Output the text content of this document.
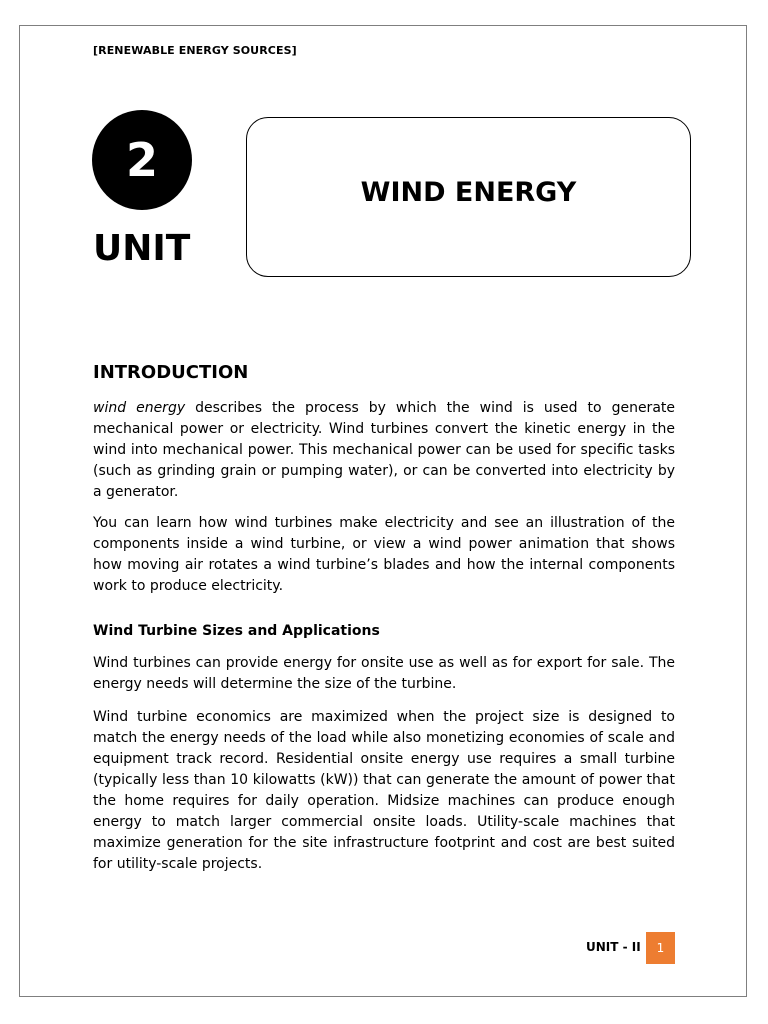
[RENEWABLE ENERGY SOURCES]
2
UNIT
WIND ENERGY
INTRODUCTION

wind energy describes the process by which the wind is used to generate mechanical power or electricity. Wind turbines convert the kinetic energy in the wind into mechanical power. This mechanical power can be used for specific tasks (such as grinding grain or pumping water), or can be converted into electricity by a generator.

You can learn how wind turbines make electricity and see an illustration of the components inside a wind turbine, or view a wind power animation that shows how moving air rotates a wind turbine’s blades and how the internal components work to produce electricity.

Wind Turbine Sizes and Applications

Wind turbines can provide energy for onsite use as well as for export for sale. The energy needs will determine the size of the turbine.

Wind turbine economics are maximized when the project size is designed to match the energy needs of the load while also monetizing economies of scale and equipment track record. Residential onsite energy use requires a small turbine (typically less than 10 kilowatts (kW)) that can generate the amount of power that the home requires for daily operation. Midsize machines can produce enough energy to match larger commercial onsite loads. Utility-scale machines that maximize generation for the site infrastructure footprint and cost are best suited for utility-scale projects.

UNIT - II 1
